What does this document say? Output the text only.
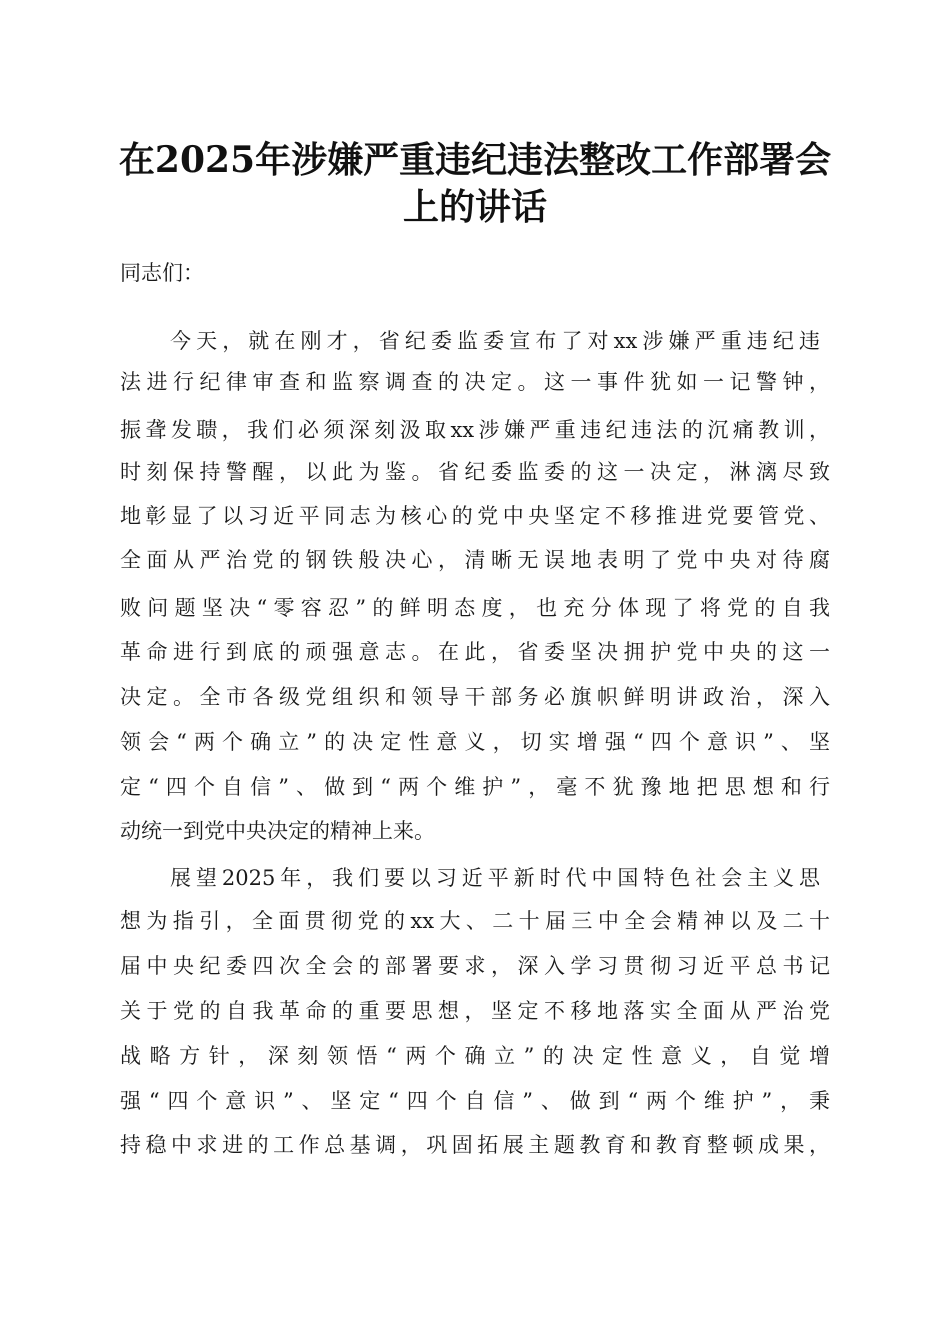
在2025年涉嫌严重违纪违法整改工作部署会
上的讲话

同志们：

今天，就在刚才，省纪委监委宣布了对xx涉嫌严重违纪违

法进行纪律审查和监察调查的决定。这一事件犹如一记警钟，

振聋发聩，我们必须深刻汲取xx涉嫌严重违纪违法的沉痛教训，

时刻保持警醒，以此为鉴。省纪委监委的这一决定，淋漓尽致

地彰显了以习近平同志为核心的党中央坚定不移推进党要管党、

全面从严治党的钢铁般决心，清晰无误地表明了党中央对待腐

败问题坚决“零容忍”的鲜明态度，也充分体现了将党的自我

革命进行到底的顽强意志。在此，省委坚决拥护党中央的这一

决定。全市各级党组织和领导干部务必旗帜鲜明讲政治，深入

领会“两个确立”的决定性意义，切实增强“四个意识”、坚

定“四个自信”、做到“两个维护”，毫不犹豫地把思想和行

动统一到党中央决定的精神上来。

展望2025年，我们要以习近平新时代中国特色社会主义思

想为指引，全面贯彻党的xx大、二十届三中全会精神以及二十

届中央纪委四次全会的部署要求，深入学习贯彻习近平总书记

关于党的自我革命的重要思想，坚定不移地落实全面从严治党

战略方针，深刻领悟“两个确立”的决定性意义，自觉增

强“四个意识”、坚定“四个自信”、做到“两个维护”，秉

持稳中求进的工作总基调，巩固拓展主题教育和教育整顿成果，
